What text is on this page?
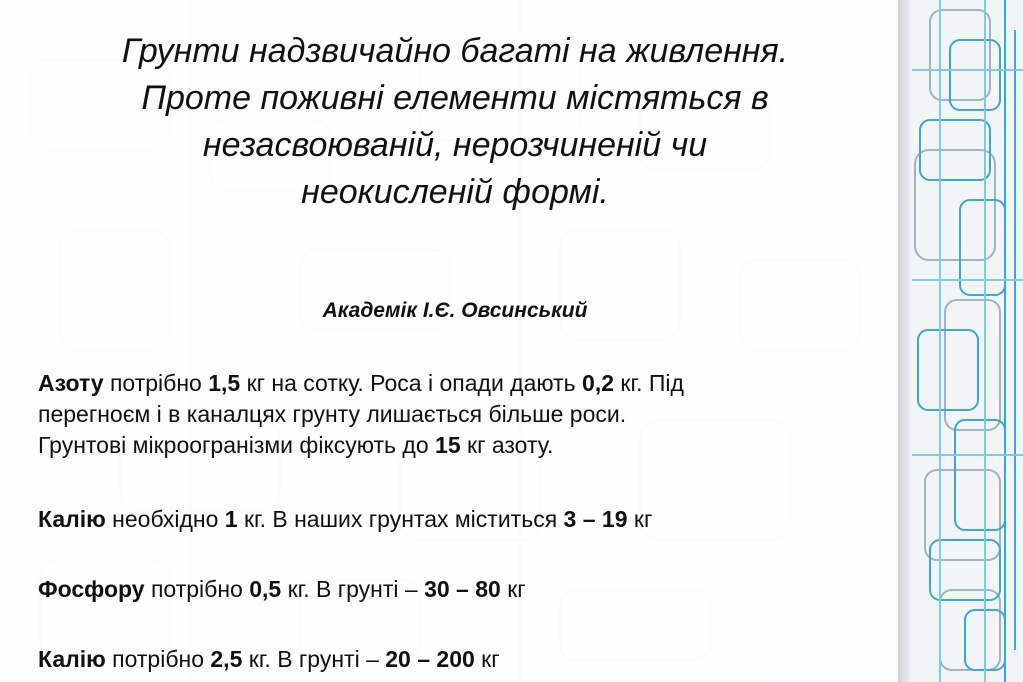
Грунти надзвичайно багаті на живлення.
Проте поживні елементи містяться в
незасвоюваній, нерозчиненій чи
неокисленій формі.

Академік І.Є. Овсинський

Азоту потрібно 1,5 кг на сотку. Роса і опади дають 0,2 кг. Під
перегноєм і в каналцях грунту лишається більше роси.
Грунтові мікроогранізми фіксують до 15 кг азоту.

Калію необхідно 1 кг. В наших грунтах міститься 3 – 19 кг

Фосфору потрібно 0,5 кг. В грунті – 30 – 80 кг

Калію потрібно 2,5 кг. В грунті – 20 – 200 кг
